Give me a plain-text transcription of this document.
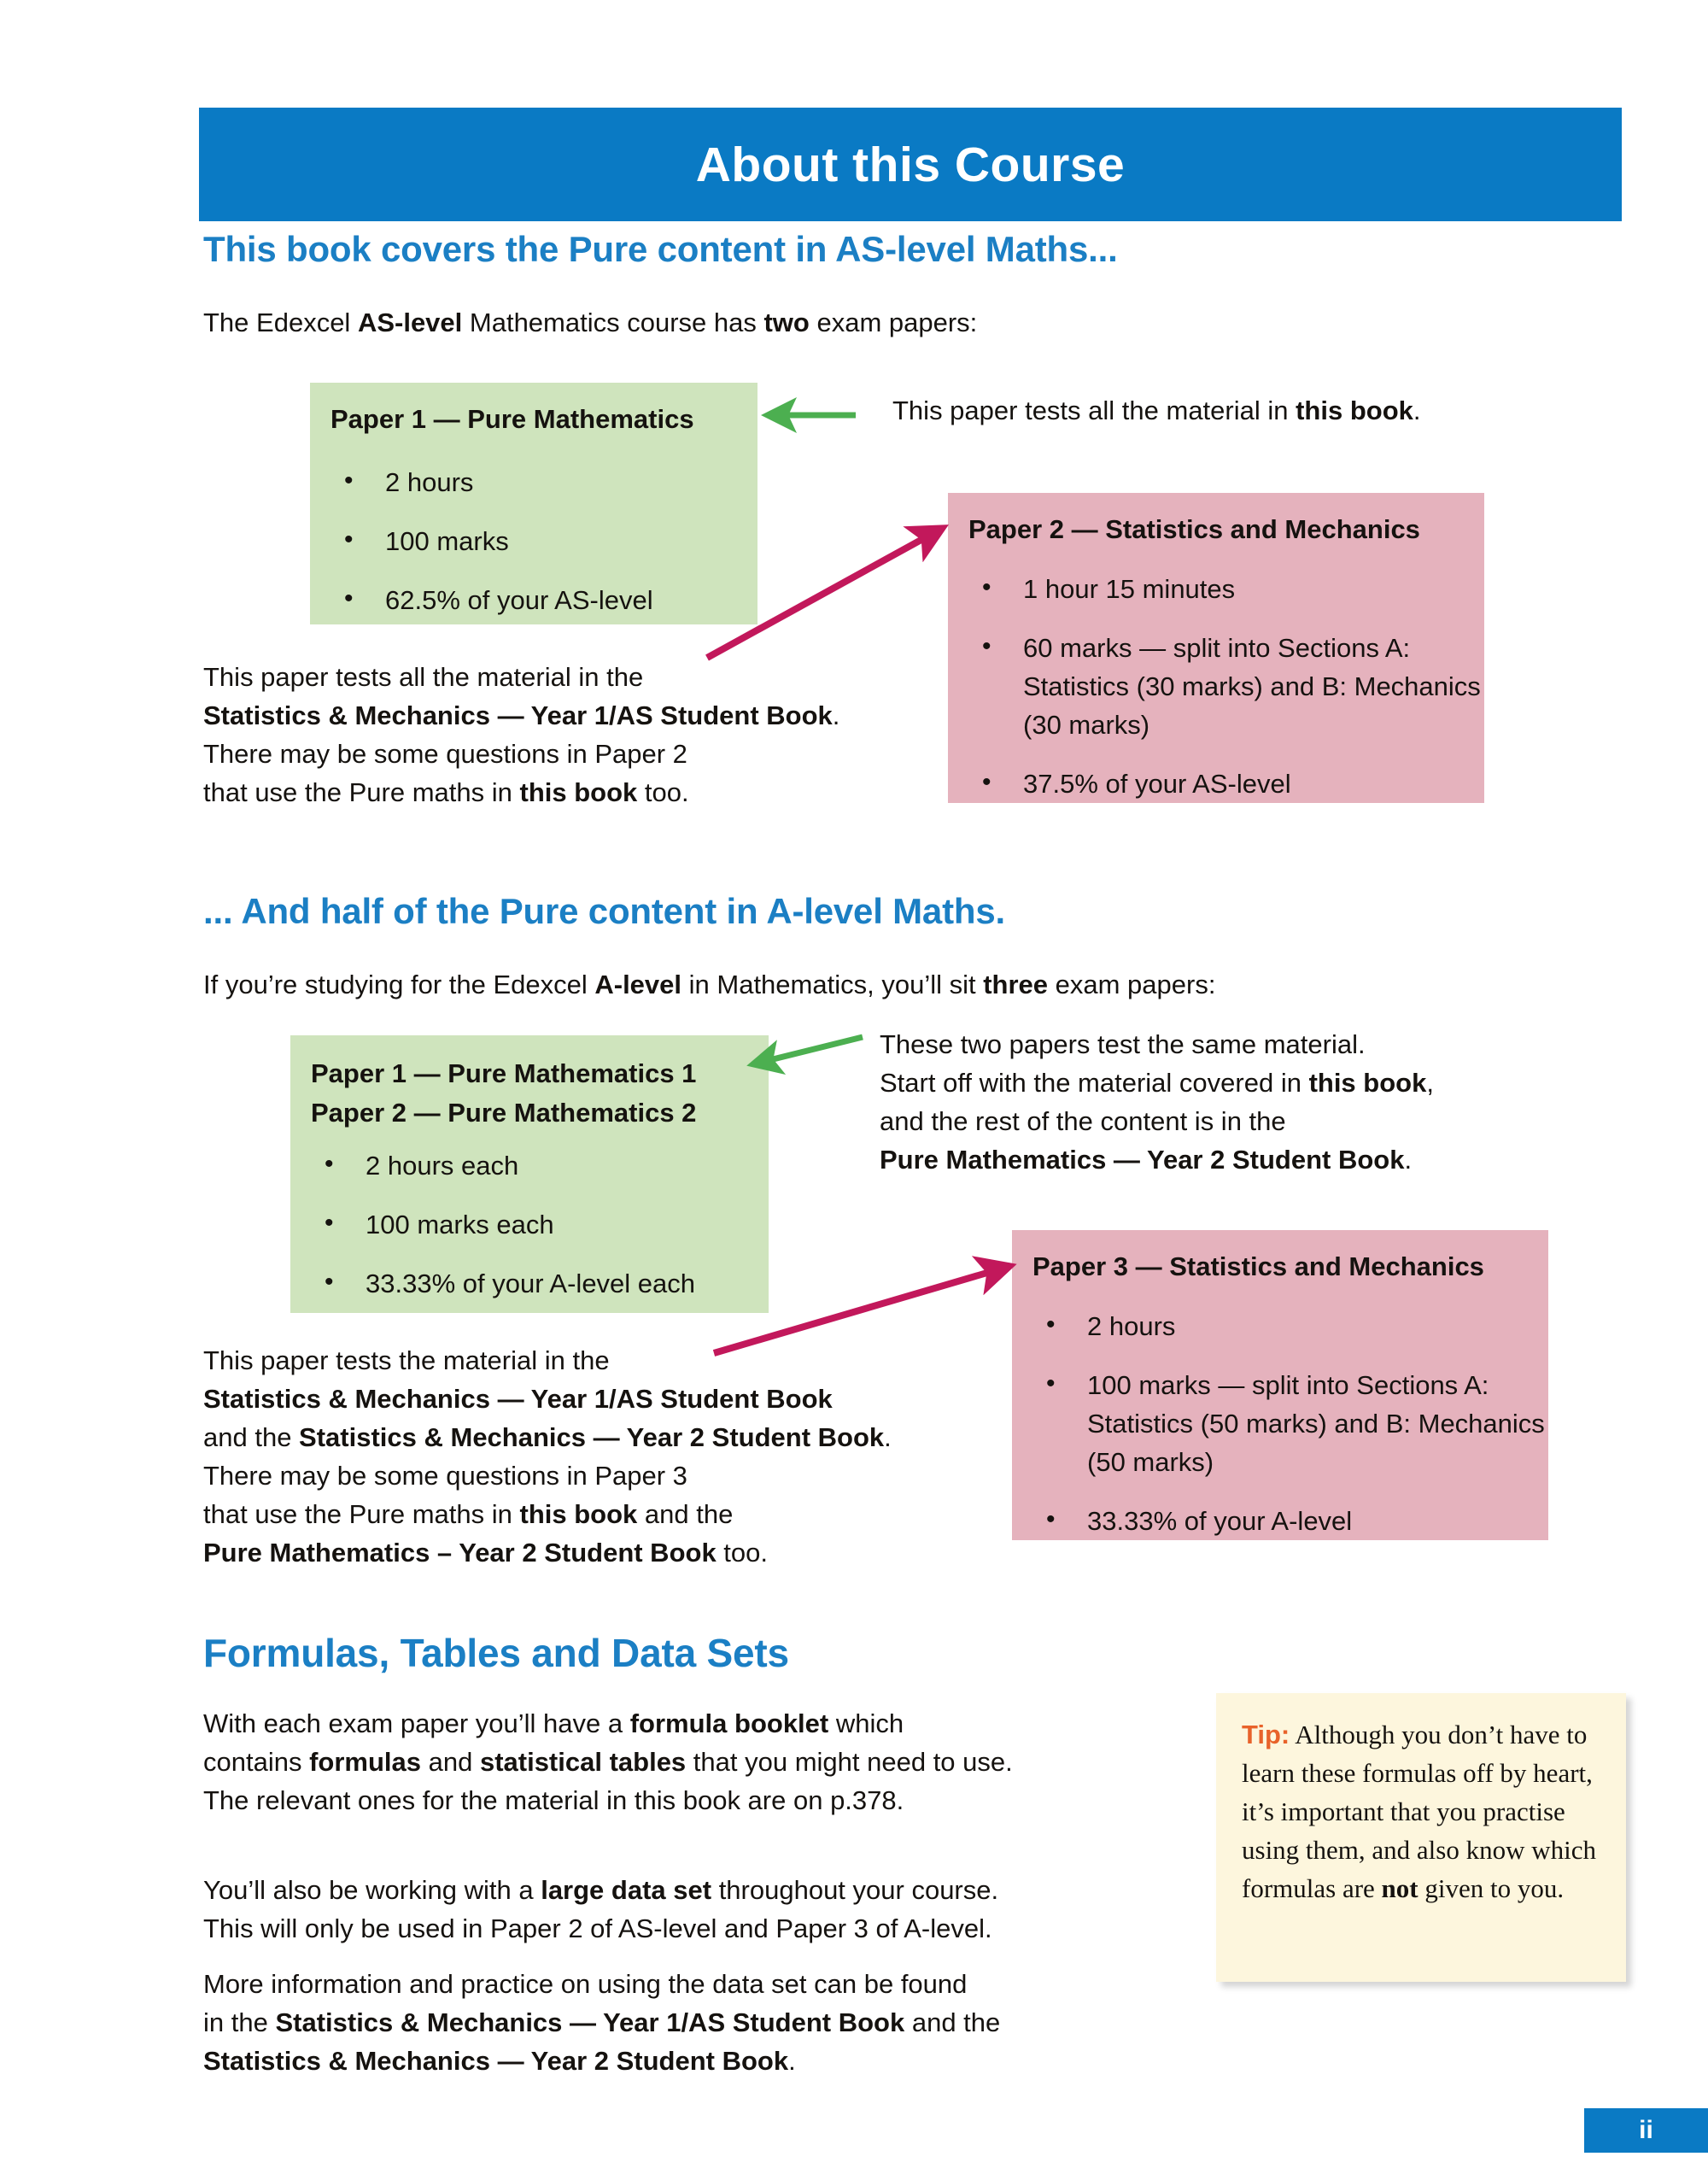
About this Course
This book covers the Pure content in AS-level Maths...
The Edexcel AS-level Mathematics course has two exam papers:
Paper 1 — Pure Mathematics
• 2 hours
• 100 marks
• 62.5% of your AS-level
Paper 2 — Statistics and Mechanics
• 1 hour 15 minutes
• 60 marks — split into Sections A: Statistics (30 marks) and B: Mechanics (30 marks)
• 37.5% of your AS-level
This paper tests all the material in this book.
This paper tests all the material in the
Statistics & Mechanics — Year 1/AS Student Book.
There may be some questions in Paper 2
that use the Pure maths in this book too.
... And half of the Pure content in A-level Maths.
If you’re studying for the Edexcel A-level in Mathematics, you’ll sit three exam papers:
Paper 1 — Pure Mathematics 1
Paper 2 — Pure Mathematics 2
• 2 hours each
• 100 marks each
• 33.33% of your A-level each
Paper 3 — Statistics and Mechanics
• 2 hours
• 100 marks — split into Sections A: Statistics (50 marks) and B: Mechanics (50 marks)
• 33.33% of your A-level
These two papers test the same material.
Start off with the material covered in this book,
and the rest of the content is in the
Pure Mathematics — Year 2 Student Book.
This paper tests the material in the
Statistics & Mechanics — Year 1/AS Student Book
and the Statistics & Mechanics — Year 2 Student Book.
There may be some questions in Paper 3
that use the Pure maths in this book and the
Pure Mathematics – Year 2 Student Book too.
Formulas, Tables and Data Sets
With each exam paper you’ll have a formula booklet which
contains formulas and statistical tables that you might need to use.
The relevant ones for the material in this book are on p.378.
You’ll also be working with a large data set throughout your course.
This will only be used in Paper 2 of AS-level and Paper 3 of A-level.
More information and practice on using the data set can be found
in the Statistics & Mechanics — Year 1/AS Student Book and the
Statistics & Mechanics — Year 2 Student Book.
Tip: Although you don’t have to learn these formulas off by heart, it’s important that you practise using them, and also know which formulas are not given to you.
ii
